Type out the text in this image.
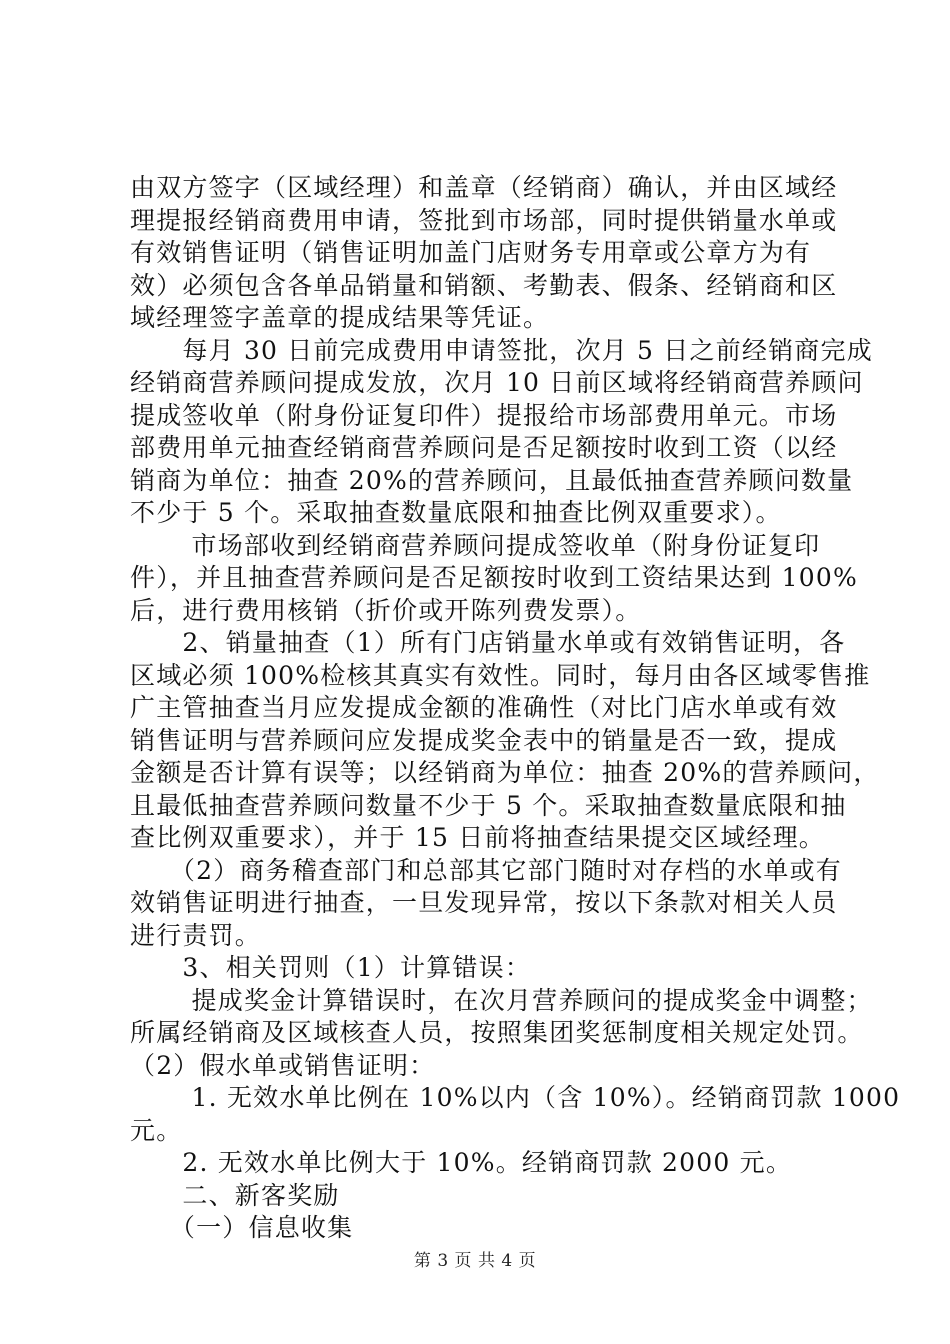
由双方签字（区域经理）和盖章（经销商）确认，并由区域经
理提报经销商费用申请，签批到市场部，同时提供销量水单或
有效销售证明（销售证明加盖门店财务专用章或公章方为有
效）必须包含各单品销量和销额、考勤表、假条、经销商和区
域经理签字盖章的提成结果等凭证。
　　每月 30 日前完成费用申请签批，次月 5 日之前经销商完成
经销商营养顾问提成发放，次月 10 日前区域将经销商营养顾问
提成签收单（附身份证复印件）提报给市场部费用单元。市场
部费用单元抽查经销商营养顾问是否足额按时收到工资（以经
销商为单位：抽查 20%的营养顾问，且最低抽查营养顾问数量
不少于 5 个。采取抽查数量底限和抽查比例双重要求）。
　　 市场部收到经销商营养顾问提成签收单（附身份证复印
件），并且抽查营养顾问是否足额按时收到工资结果达到 100%
后，进行费用核销（折价或开陈列费发票）。
　　2、销量抽查（1）所有门店销量水单或有效销售证明，各
区域必须 100%检核其真实有效性。同时，每月由各区域零售推
广主管抽查当月应发提成金额的准确性（对比门店水单或有效
销售证明与营养顾问应发提成奖金表中的销量是否一致，提成
金额是否计算有误等；以经销商为单位：抽查 20%的营养顾问，
且最低抽查营养顾问数量不少于 5 个。采取抽查数量底限和抽
查比例双重要求），并于 15 日前将抽查结果提交区域经理。
　　（2）商务稽查部门和总部其它部门随时对存档的水单或有
效销售证明进行抽查，一旦发现异常，按以下条款对相关人员
进行责罚。
　　3、相关罚则（1）计算错误：
　　 提成奖金计算错误时，在次月营养顾问的提成奖金中调整；
所属经销商及区域核查人员，按照集团奖惩制度相关规定处罚。
（2）假水单或销售证明：
　　 1. 无效水单比例在 10%以内（含 10%）。经销商罚款 1000
元。
　　2. 无效水单比例大于 10%。经销商罚款 2000 元。
　　二、新客奖励
　　（一）信息收集
第 3 页 共 4 页
